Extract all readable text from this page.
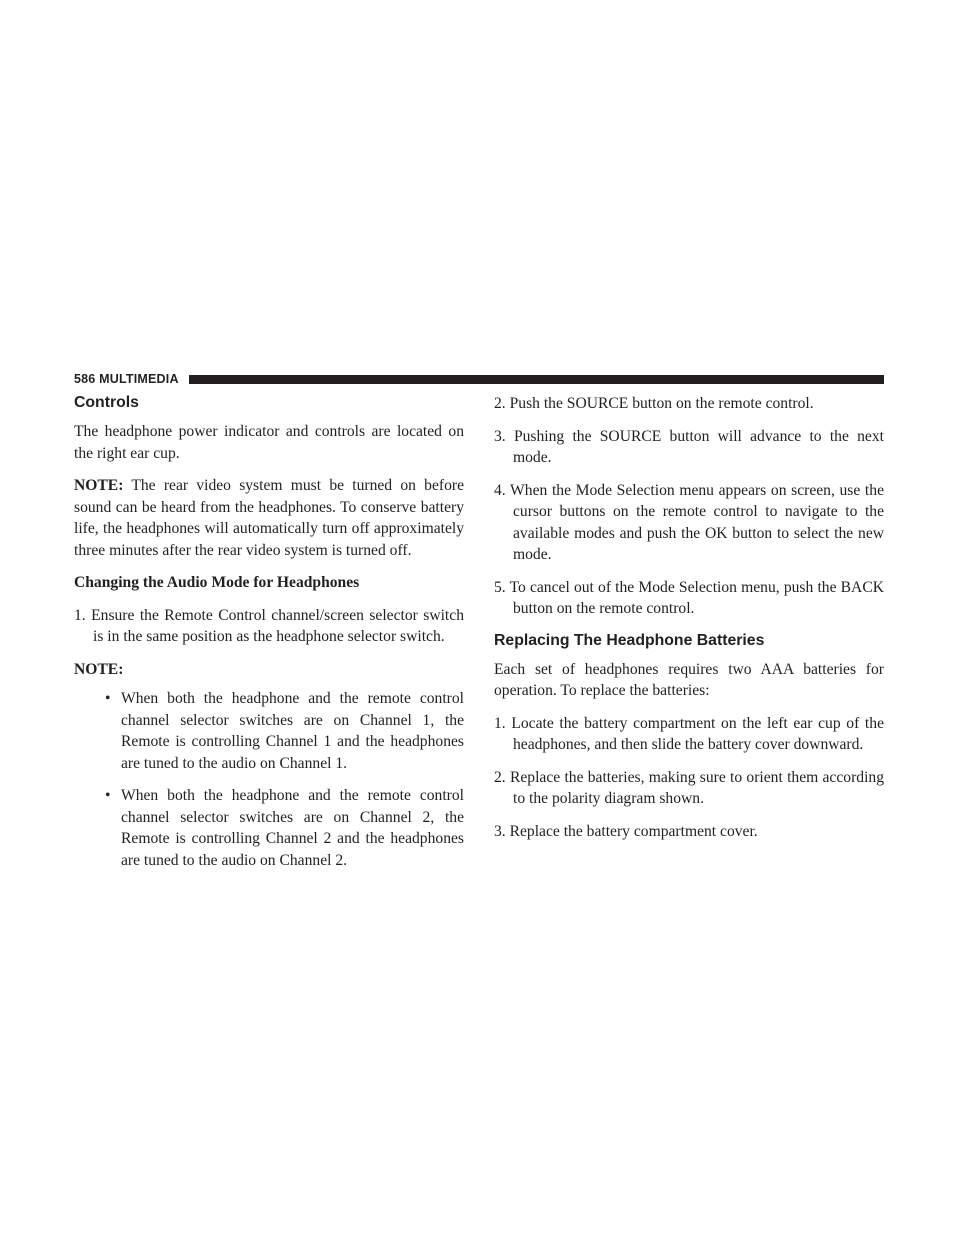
586 MULTIMEDIA
Controls

The headphone power indicator and controls are located on the right ear cup.

NOTE: The rear video system must be turned on before sound can be heard from the headphones. To conserve battery life, the headphones will automatically turn off approximately three minutes after the rear video system is turned off.

Changing the Audio Mode for Headphones
1. Ensure the Remote Control channel/screen selector switch is in the same position as the headphone selector switch.
NOTE:
• When both the headphone and the remote control channel selector switches are on Channel 1, the Remote is controlling Channel 1 and the headphones are tuned to the audio on Channel 1.
• When both the headphone and the remote control channel selector switches are on Channel 2, the Remote is controlling Channel 2 and the headphones are tuned to the audio on Channel 2.
2. Push the SOURCE button on the remote control.
3. Pushing the SOURCE button will advance to the next mode.
4. When the Mode Selection menu appears on screen, use the cursor buttons on the remote control to navigate to the available modes and push the OK button to select the new mode.
5. To cancel out of the Mode Selection menu, push the BACK button on the remote control.
Replacing The Headphone Batteries

Each set of headphones requires two AAA batteries for operation. To replace the batteries:

1. Locate the battery compartment on the left ear cup of the headphones, and then slide the battery cover downward.
2. Replace the batteries, making sure to orient them according to the polarity diagram shown.
3. Replace the battery compartment cover.
